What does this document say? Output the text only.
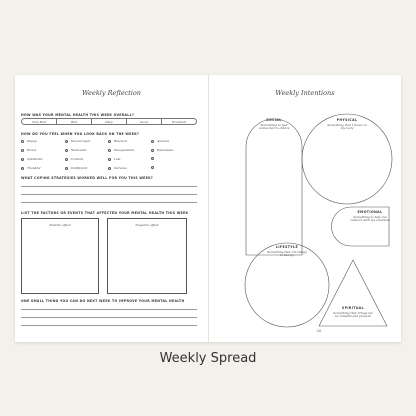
Weekly Reflection
HOW WAS YOUR MENTAL HEALTH THIS WEEK OVERALL?
Very Bad	Bad	Okay	Good	Excellent
HOW DO YOU FEEL WHEN YOU LOOK BACK ON THE WEEK?
Happy	Discouraged	Rescued	Anxious
Proud	Motivated	Disappointed	Passionate
Optimistic	Content	Lost
Thankful	Indifferent	Nervous
WHAT COPING STRATEGIES WORKED WELL FOR YOU THIS WEEK?
LIST THE FACTORS OR EVENTS THAT AFFECTED YOUR MENTAL HEALTH THIS WEEK
Positive affect	Negative affect
ONE SMALL THING YOU CAN DO NEXT WEEK TO IMPROVE YOUR MENTAL HEALTH
Weekly Intentions
SOCIAL
Something to feel connected to others
PHYSICAL
Something that I focus on my body
EMOTIONAL
Something to help me connect with my emotions
LIFESTYLE
Something that I'm things to live by
SPIRITUAL
Something that brings me be mindful and present
20
Weekly Spread
